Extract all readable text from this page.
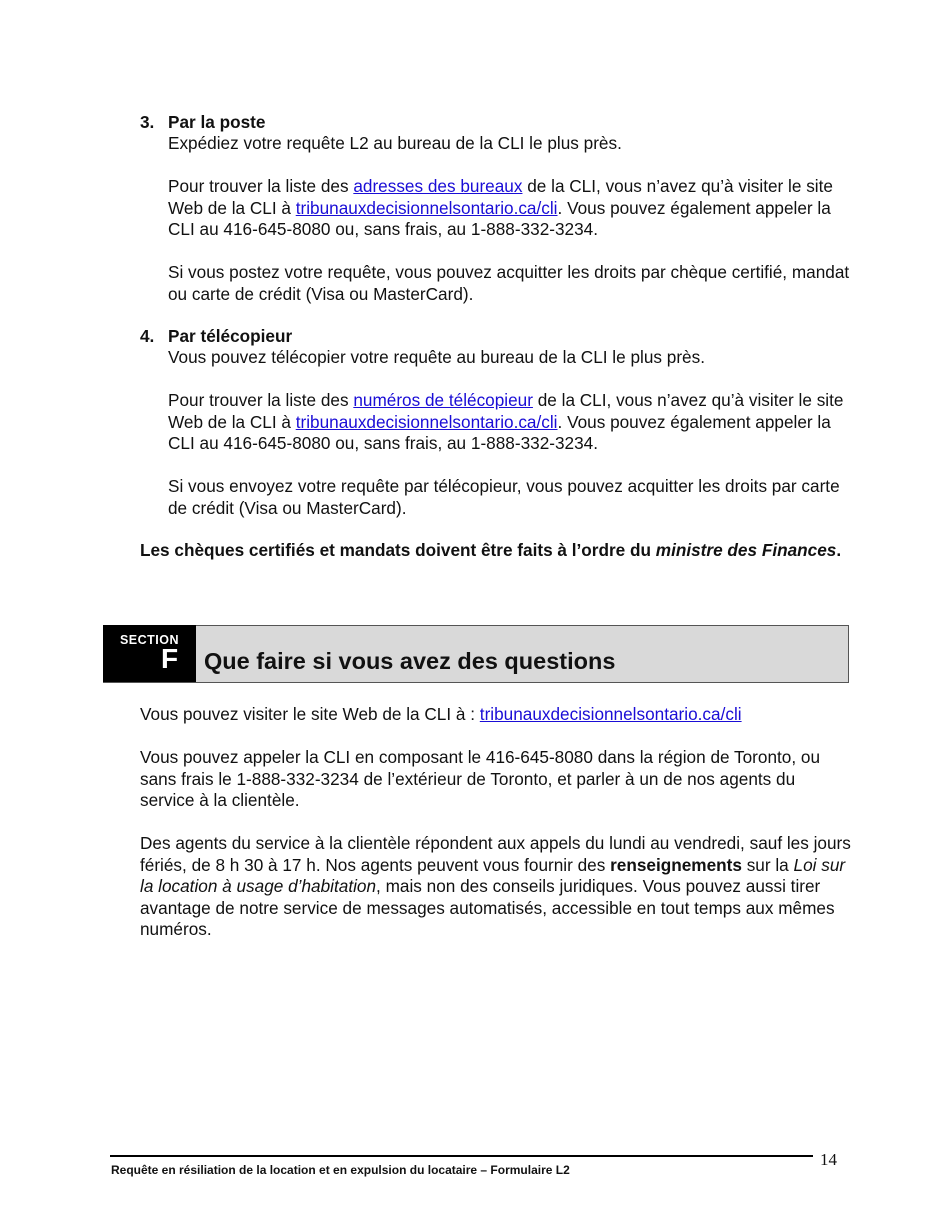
3. Par la poste

Expédiez votre requête L2 au bureau de la CLI le plus près.

Pour trouver la liste des adresses des bureaux de la CLI, vous n’avez qu’à visiter le site Web de la CLI à tribunauxdecisionnelsontario.ca/cli. Vous pouvez également appeler la CLI au 416-645-8080 ou, sans frais, au 1-888-332-3234.

Si vous postez votre requête, vous pouvez acquitter les droits par chèque certifié, mandat ou carte de crédit (Visa ou MasterCard).

4. Par télécopieur

Vous pouvez télécopier votre requête au bureau de la CLI le plus près.

Pour trouver la liste des numéros de télécopieur de la CLI, vous n’avez qu’à visiter le site Web de la CLI à tribunauxdecisionnelsontario.ca/cli. Vous pouvez également appeler la CLI au 416-645-8080 ou, sans frais, au 1-888-332-3234.

Si vous envoyez votre requête par télécopieur, vous pouvez acquitter les droits par carte de crédit (Visa ou MasterCard).

Les chèques certifiés et mandats doivent être faits à l’ordre du ministre des Finances.

SECTION
F Que faire si vous avez des questions

Vous pouvez visiter le site Web de la CLI à : tribunauxdecisionnelsontario.ca/cli

Vous pouvez appeler la CLI en composant le 416-645-8080 dans la région de Toronto, ou sans frais le 1-888-332-3234 de l’extérieur de Toronto, et parler à un de nos agents du service à la clientèle.

Des agents du service à la clientèle répondent aux appels du lundi au vendredi, sauf les jours fériés, de 8 h 30 à 17 h. Nos agents peuvent vous fournir des renseignements sur la Loi sur la location à usage d’habitation, mais non des conseils juridiques. Vous pouvez aussi tirer avantage de notre service de messages automatisés, accessible en tout temps aux mêmes numéros.

Requête en résiliation de la location et en expulsion du locataire – Formulaire L2
14
